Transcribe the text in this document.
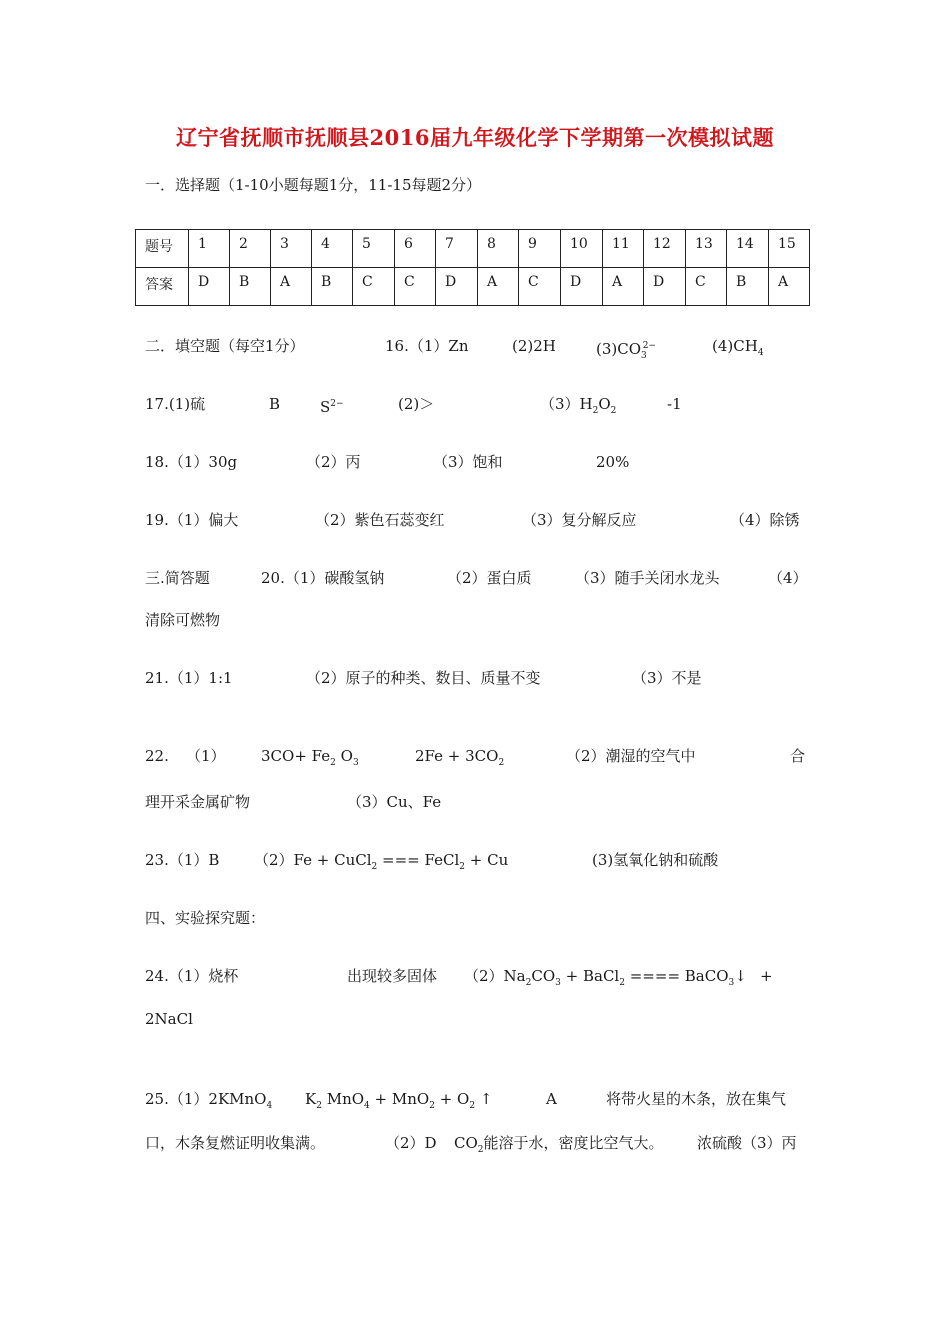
辽宁省抚顺市抚顺县2016届九年级化学下学期第一次模拟试题
一．选择题（1-10小题每题1分，11-15每题2分）
题号	1	2	3	4	5	6	7	8	9	10	11	12	13	14	15
答案	D	B	A	B	C	C	D	A	C	D	A	D	C	B	A
二．填空题（每空1分）	16.（1）Zn	(2)2H	$(3)CO_3^{2-}$	$(4)CH_4$
17.(1)硫	B	$S^{2-}$	(2)＞	$(3)H_2O_2$	-1
18.（1）30g	（2）丙	（3）饱和	20%
19.（1）偏大	（2）紫色石蕊变红	（3）复分解反应	（4）除锈
三.简答题	20.（1）碳酸氢钠	（2）蛋白质	（3）随手关闭水龙头	（4）
清除可燃物
21.（1）1:1	（2）原子的种类、数目、质量不变	（3）不是
22. （1） $3CO+ Fe_2$ $O_3$	$2Fe + 3CO_2$	（2）潮湿的空气中	合
理开采金属矿物	（3）Cu、Fe
23.（1）B （2）Fe + CuCl$_2$ === FeCl$_2$ + Cu	(3)氢氧化钠和硫酸
四、实验探究题：
24.（1）烧杯	出现较多固体 $(2)Na_2CO_3$ + BaCl$_2$ ==== BaCO$_3$↓ +
2NaCl
25.（1）2KMnO$_4$ $K_2$ $MnO_4 + MnO_2 + O_2$ ↑	A	将带火星的木条，放在集气
口，木条复燃证明收集满。	（2）D $CO_2$能溶于水，密度比空气大。 浓硫酸（3）丙
